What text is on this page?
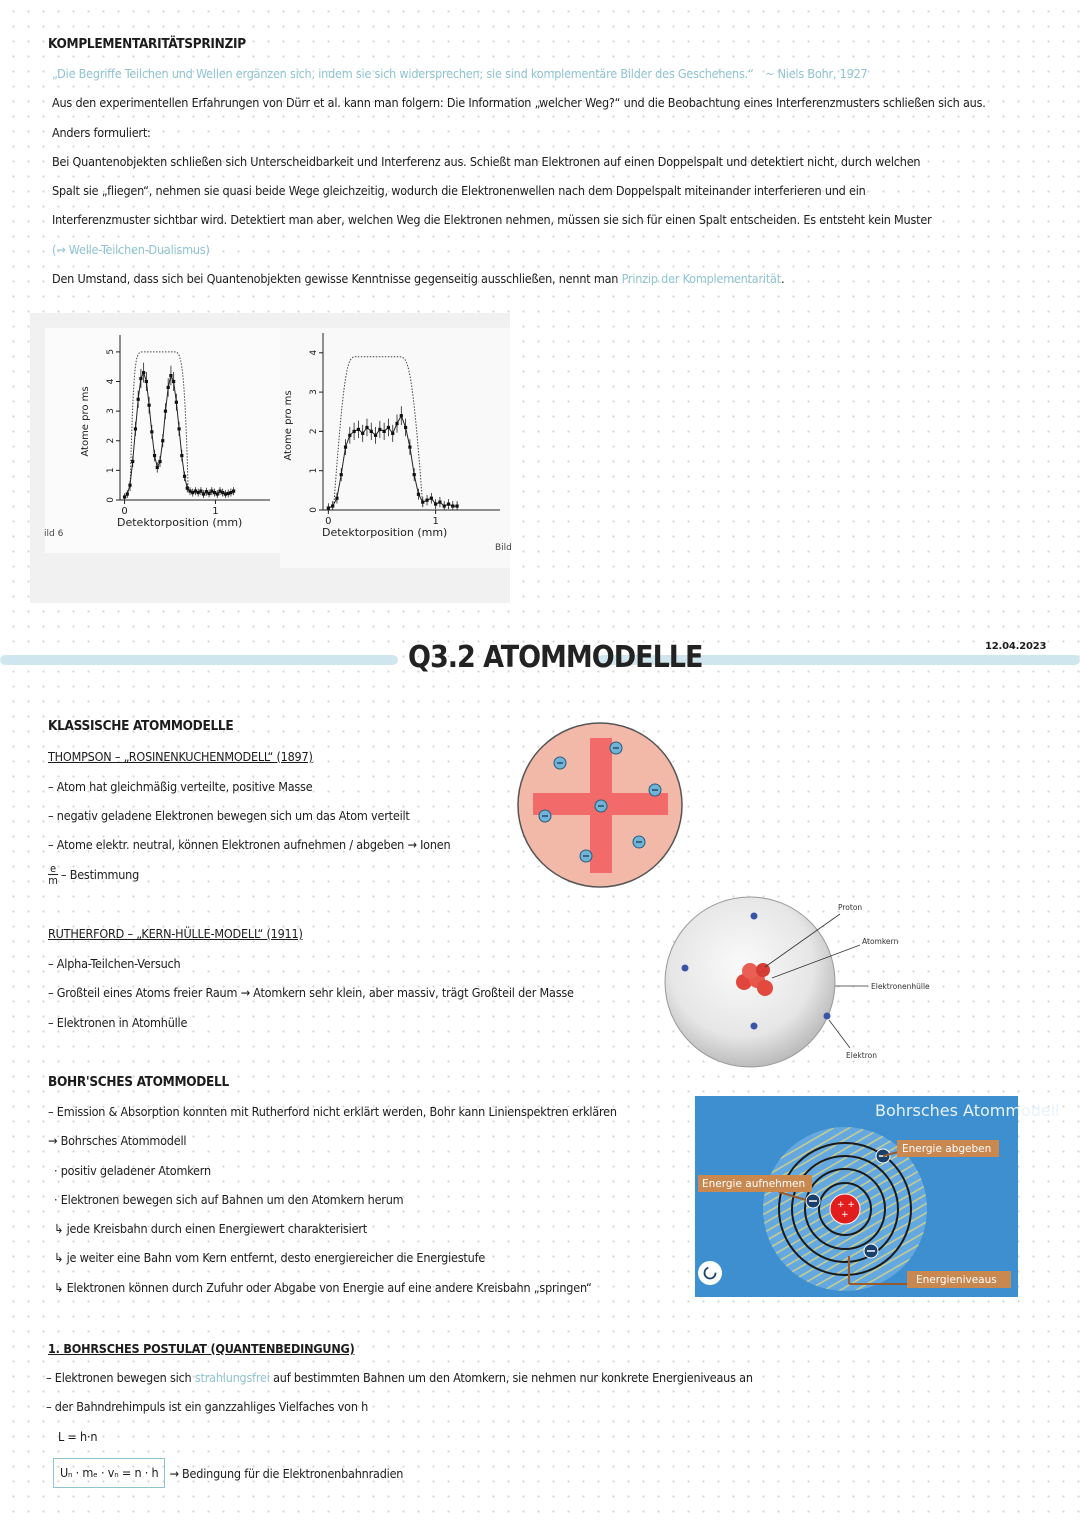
KOMPLEMENTARITÄTSPRINZIP
„Die Begriffe Teilchen und Wellen ergänzen sich, indem sie sich widersprechen; sie sind komplementäre Bilder des Geschehens.“ ~ Niels Bohr, 1927
Aus den experimentellen Erfahrungen von Dürr et al. kann man folgern: Die Information „welcher Weg?“ und die Beobachtung eines Interferenzmusters schließen sich aus.
Anders formuliert:
Bei Quantenobjekten schließen sich Unterscheidbarkeit und Interferenz aus. Schießt man Elektronen auf einen Doppelspalt und detektiert nicht, durch welchen
Spalt sie „fliegen“, nehmen sie quasi beide Wege gleichzeitig, wodurch die Elektronenwellen nach dem Doppelspalt miteinander interferieren und ein
Interferenzmuster sichtbar wird. Detektiert man aber, welchen Weg die Elektronen nehmen, müssen sie sich für einen Spalt entscheiden. Es entsteht kein Muster
(→ Welle-Teilchen-Dualismus)
Den Umstand, dass sich bei Quantenobjekten gewisse Kenntnisse gegenseitig ausschließen, nennt man Prinzip der Komplementarität.
0
1
2
3
4
5
0	1
Detektorposition (mm)
Atome pro ms
ild 6
0
1
2
3
4
0	1
Detektorposition (mm)
Atome pro ms
Bild
Q3.2 ATOMMODELLE	12.04.2023
KLASSISCHE ATOMMODELLE
THOMPSON – „ROSINENKUCHENMODELL“ (1897)
– Atom hat gleichmäßig verteilte, positive Masse
– negativ geladene Elektronen bewegen sich um das Atom verteilt
– Atome elektr. neutral, können Elektronen aufnehmen / abgeben → Ionen
$\frac{e}{m}$ – Bestimmung
RUTHERFORD – „KERN-HÜLLE-MODELL“ (1911)
– Alpha-Teilchen-Versuch
– Großteil eines Atoms freier Raum → Atomkern sehr klein, aber massiv, trägt Großteil der Masse
– Elektronen in Atomhülle
Proton
Atomkern
Elektronenhülle
Elektron
BOHR'SCHES ATOMMODELL
– Emission & Absorption konnten mit Rutherford nicht erklärt werden, Bohr kann Linienspektren erklären
→ Bohrsches Atommodell
· positiv geladener Atomkern
· Elektronen bewegen sich auf Bahnen um den Atomkern herum
↳ jede Kreisbahn durch einen Energiewert charakterisiert
↳ je weiter eine Bahn vom Kern entfernt, desto energiereicher die Energiestufe
↳ Elektronen können durch Zufuhr oder Abgabe von Energie auf eine andere Kreisbahn „springen“
+ +
+
Bohrsches Atommodell
Energie abgeben
Energie aufnehmen
Energieniveaus
1. BOHRSCHES POSTULAT (QUANTENBEDINGUNG)
– Elektronen bewegen sich strahlungsfrei auf bestimmten Bahnen um den Atomkern, sie nehmen nur konkrete Energieniveaus an
– der Bahndrehimpuls ist ein ganzzahliges Vielfaches von h
L = h·n
Uₙ · mₑ · vₙ = n · h → Bedingung für die Elektronenbahnradien
